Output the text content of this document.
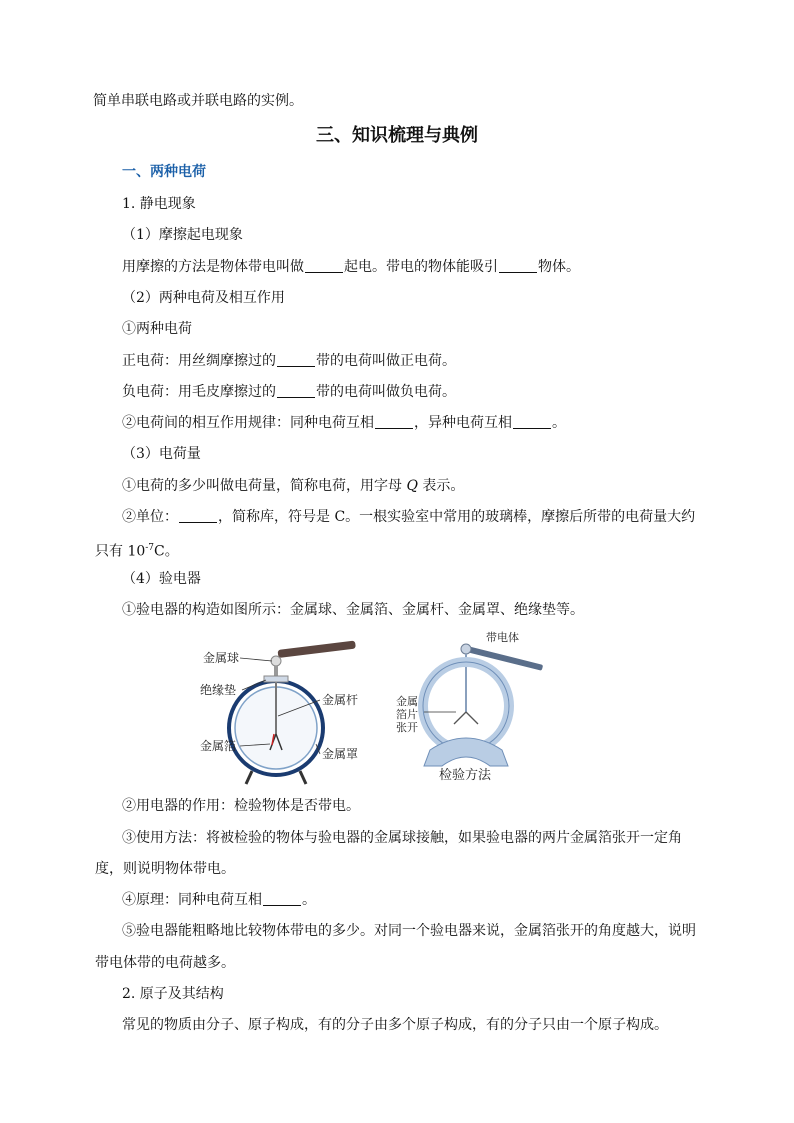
简单串联电路或并联电路的实例。
三、知识梳理与典例
一、两种电荷
1. 静电现象
（1）摩擦起电现象
用摩擦的方法是物体带电叫做	起电。带电的物体能吸引	物体。
（2）两种电荷及相互作用
①两种电荷
正电荷：用丝绸摩擦过的	带的电荷叫做正电荷。
负电荷：用毛皮摩擦过的	带的电荷叫做负电荷。
②电荷间的相互作用规律：同种电荷互相	，异种电荷互相	。
（3）电荷量
①电荷的多少叫做电荷量，简称电荷，用字母 Q 表示。
②单位：	，简称库，符号是 C。一根实验室中常用的玻璃棒，摩擦后所带的电荷量大约
只有 $10^{-7}C$。
（4）验电器
①验电器的构造如图所示：金属球、金属箔、金属杆、金属罩、绝缘垫等。
金属球
绝缘垫
金属杆
金属箔
金属罩
带电体
金属
箔片
张开
检验方法
②用电器的作用：检验物体是否带电。
③使用方法：将被检验的物体与验电器的金属球接触，如果验电器的两片金属箔张开一定角
度，则说明物体带电。
④原理：同种电荷互相	。
⑤验电器能粗略地比较物体带电的多少。对同一个验电器来说，金属箔张开的角度越大，说明
带电体带的电荷越多。
2. 原子及其结构
常见的物质由分子、原子构成，有的分子由多个原子构成，有的分子只由一个原子构成。
